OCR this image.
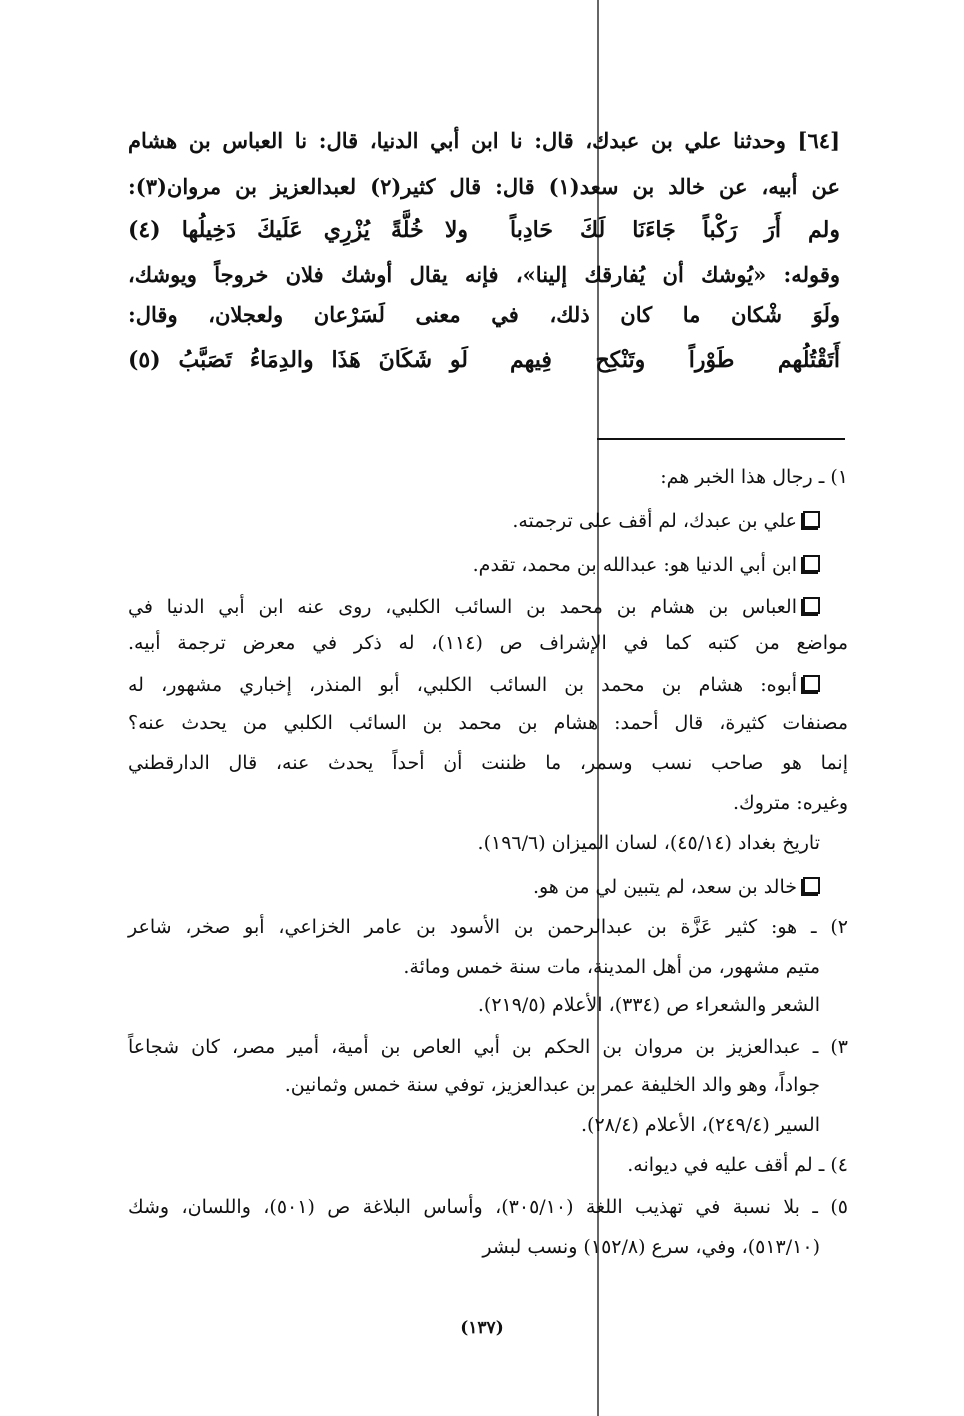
[٦٤] وحدثنا علي بن عبدك، قال: نا ابن أبي الدنيا، قال: نا العباس بن هشام
عن أبيه، عن خالد بن سعد(١) قال: قال كثير(٢) لعبدالعزيز بن مروان(٣):
ولم أَرَ رَكْباً جَاءَنَا لَكَ حَادِباً
ولا خُلَّةً يُزْرِي عَلَيكَ دَخِيلُها (٤)
وقوله: «يُوشك أن يُفارقك إلينا»، فإنه يقال أوشك فلان خروجاً ويوشك،
ولَوَ شْكان ما كان ذلك، في معنى لَسَرْعان ولعجلان، وقال:
أَتَقْتُلُهم طَوْراً وتَنْكِح فِيهم
لَو شَكَانَ هَذَا والدِمَاءُ تَصَبَّبُ (٥)
١) ـ رجال هذا الخبر هم:
علي بن عبدك، لم أقف على ترجمته.
ابن أبي الدنيا هو: عبدالله بن محمد، تقدم.
العباس بن هشام بن محمد بن السائب الكلبي، روى عنه ابن أبي الدنيا في
مواضع من كتبه كما في الإشراف ص (١١٤)، له ذكر في معرض ترجمة أبيه.
أبوه: هشام بن محمد بن السائب الكلبي، أبو المنذر، إخباري مشهور، له
مصنفات كثيرة، قال أحمد: هشام بن محمد بن السائب الكلبي من يحدث عنه؟
إنما هو صاحب نسب وسمر، ما ظننت أن أحداً يحدث عنه، قال الدارقطني
وغيره: متروك.
تاريخ بغداد (٤٥/١٤)، لسان الميزان (١٩٦/٦).
خالد بن سعد، لم يتبين لي من هو.
٢) ـ هو: كثير عَزَّة بن عبدالرحمن بن الأسود بن عامر الخزاعي، أبو صخر، شاعر
متيم مشهور، من أهل المدينة، مات سنة خمس ومائة.
الشعر والشعراء ص (٣٣٤)، الأعلام (٢١٩/٥).
٣) ـ عبدالعزيز بن مروان بن الحكم بن أبي العاص بن أمية، أمير مصر، كان شجاعاً
جواداً، وهو والد الخليفة عمر بن عبدالعزيز، توفي سنة خمس وثمانين.
السير (٢٤٩/٤)، الأعلام (٢٨/٤).
٤) ـ لم أقف عليه في ديوانه.
٥) ـ بلا نسبة في تهذيب اللغة (٣٠٥/١٠)، وأساس البلاغة ص (٥٠١)، واللسان، وشك
(٥١٣/١٠)، وفي، سرع (١٥٢/٨) ونسب لبشر
(١٣٧)
